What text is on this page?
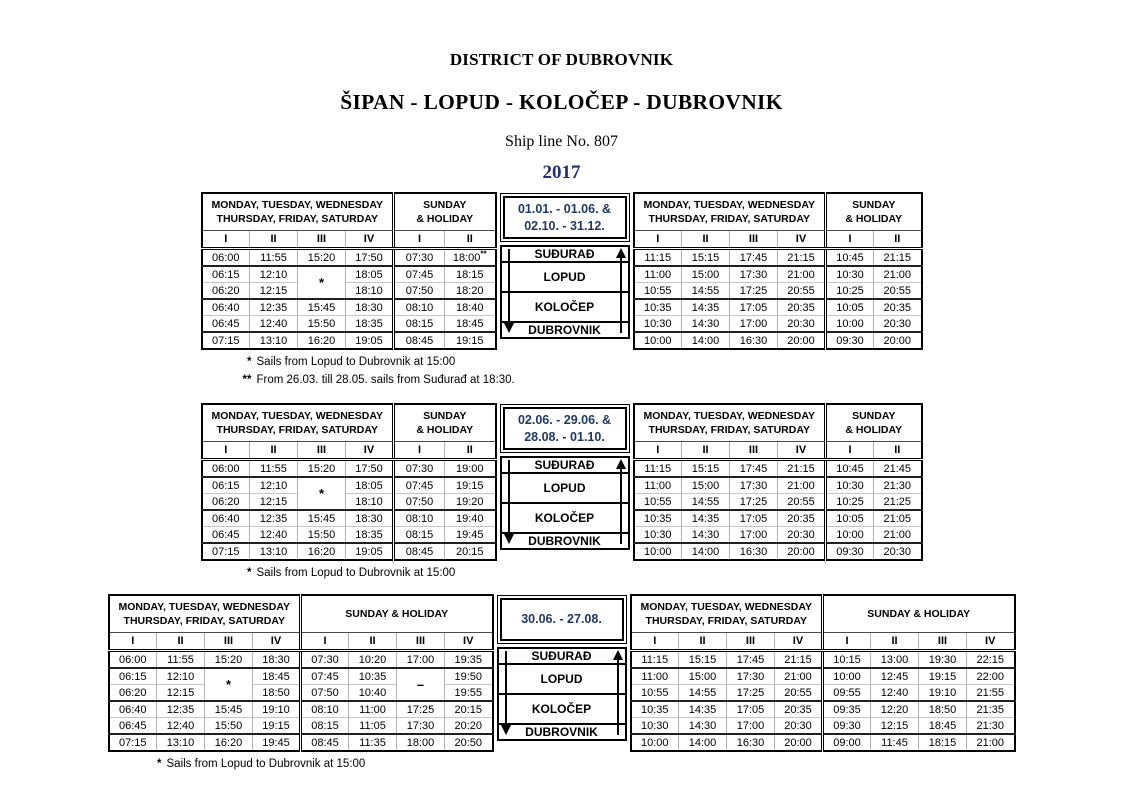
DISTRICT OF DUBROVNIK
ŠIPAN - LOPUD - KOLOČEP - DUBROVNIK
Ship line No. 807
2017
MONDAY, TUESDAY, WEDNESDAY
THURSDAY, FRIDAY, SATURDAY				SUNDAY
& HOLIDAY	
I	II	III	IV	I	II
06:00	11:55	15:20	17:50	07:30	18:00**
06:15	12:10	*	18:05	07:45	18:15
06:20	12:15		18:10	07:50	18:20
06:40	12:35	15:45	18:30	08:10	18:40
06:45	12:40	15:50	18:35	08:15	18:45
07:15	13:10	16:20	19:05	08:45	19:15
01.01. - 01.06. &
02.10. - 31.12.
SUĐURAĐ
LOPUD
KOLOČEP
DUBROVNIK
MONDAY, TUESDAY, WEDNESDAY
THURSDAY, FRIDAY, SATURDAY				SUNDAY
& HOLIDAY	
I	II	III	IV	I	II
11:15	15:15	17:45	21:15	10:45	21:15
11:00	15:00	17:30	21:00	10:30	21:00
10:55	14:55	17:25	20:55	10:25	20:55
10:35	14:35	17:05	20:35	10:05	20:35
10:30	14:30	17:00	20:30	10:00	20:30
10:00	14:00	16:30	20:00	09:30	20:00
* Sails from Lopud to Dubrovnik at 15:00
** From 26.03. till 28.05. sails from Suđurađ at 18:30.
MONDAY, TUESDAY, WEDNESDAY
THURSDAY, FRIDAY, SATURDAY				SUNDAY
& HOLIDAY	
I	II	III	IV	I	II
06:00	11:55	15:20	17:50	07:30	19:00
06:15	12:10	*	18:05	07:45	19:15
06:20	12:15		18:10	07:50	19:20
06:40	12:35	15:45	18:30	08:10	19:40
06:45	12:40	15:50	18:35	08:15	19:45
07:15	13:10	16:20	19:05	08:45	20:15
02.06. - 29.06. &
28.08. - 01.10.
SUĐURAĐ
LOPUD
KOLOČEP
DUBROVNIK
MONDAY, TUESDAY, WEDNESDAY
THURSDAY, FRIDAY, SATURDAY				SUNDAY
& HOLIDAY	
I	II	III	IV	I	II
11:15	15:15	17:45	21:15	10:45	21:45
11:00	15:00	17:30	21:00	10:30	21:30
10:55	14:55	17:25	20:55	10:25	21:25
10:35	14:35	17:05	20:35	10:05	21:05
10:30	14:30	17:00	20:30	10:00	21:00
10:00	14:00	16:30	20:00	09:30	20:30
* Sails from Lopud to Dubrovnik at 15:00
MONDAY, TUESDAY, WEDNESDAY
THURSDAY, FRIDAY, SATURDAY				SUNDAY & HOLIDAY			
I	II	III	IV	I	II	III	IV
06:00	11:55	15:20	18:30	07:30	10:20	17:00	19:35
06:15	12:10	*	18:45	07:45	10:35	–	19:50
06:20	12:15		18:50	07:50	10:40		19:55
06:40	12:35	15:45	19:10	08:10	11:00	17:25	20:15
06:45	12:40	15:50	19:15	08:15	11:05	17:30	20:20
07:15	13:10	16:20	19:45	08:45	11:35	18:00	20:50
30.06. - 27.08.
SUĐURAĐ
LOPUD
KOLOČEP
DUBROVNIK
MONDAY, TUESDAY, WEDNESDAY
THURSDAY, FRIDAY, SATURDAY				SUNDAY & HOLIDAY			
I	II	III	IV	I	II	III	IV
11:15	15:15	17:45	21:15	10:15	13:00	19:30	22:15
11:00	15:00	17:30	21:00	10:00	12:45	19:15	22:00
10:55	14:55	17:25	20:55	09:55	12:40	19:10	21:55
10:35	14:35	17:05	20:35	09:35	12:20	18:50	21:35
10:30	14:30	17:00	20:30	09:30	12:15	18:45	21:30
10:00	14:00	16:30	20:00	09:00	11:45	18:15	21:00
* Sails from Lopud to Dubrovnik at 15:00
